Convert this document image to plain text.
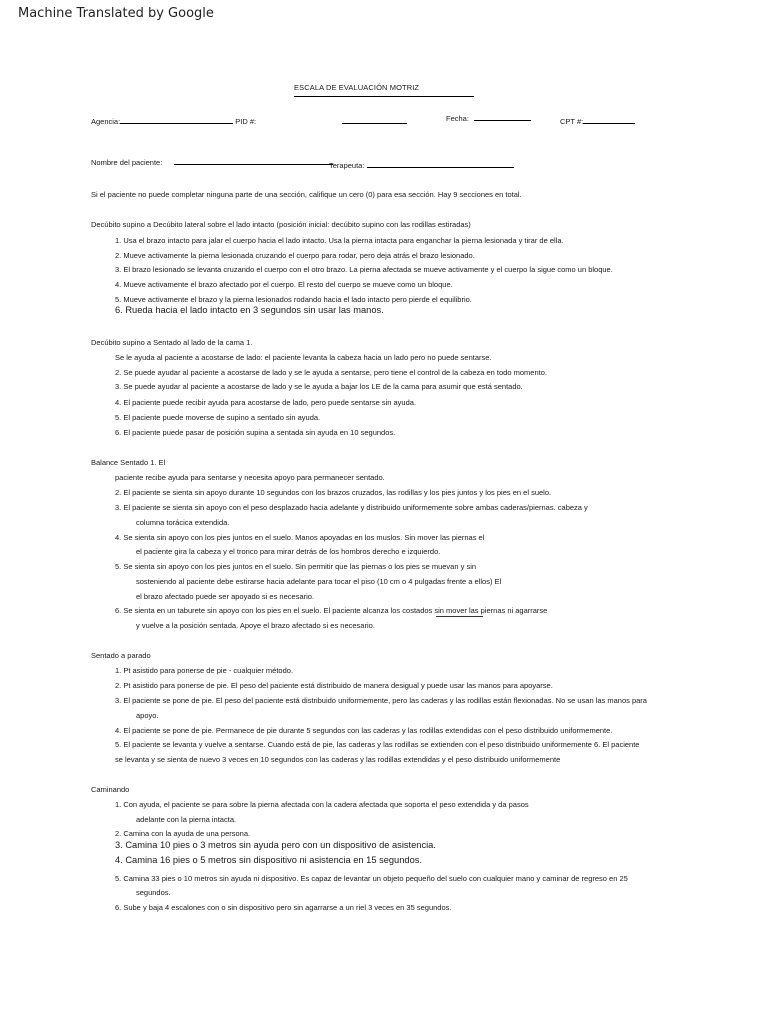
Machine Translated by Google
ESCALA DE EVALUACIÓN MOTRIZ
Agencia:	PID #:	Fecha:	CPT #:
Nombre del paciente:	Terapeuta:
Si el paciente no puede completar ninguna parte de una sección, califique un cero (0) para esa sección. Hay 9 secciones en total.
Decúbito supino a Decúbito lateral sobre el lado intacto (posición inicial: decúbito supino con las rodillas estiradas)
1. Usa el brazo intacto para jalar el cuerpo hacia el lado intacto. Usa la pierna intacta para enganchar la pierna lesionada y tirar de ella.
2. Mueve activamente la pierna lesionada cruzando el cuerpo para rodar, pero deja atrás el brazo lesionado.
3. El brazo lesionado se levanta cruzando el cuerpo con el otro brazo. La pierna afectada se mueve activamente y el cuerpo la sigue como un bloque.
4. Mueve activamente el brazo afectado por el cuerpo. El resto del cuerpo se mueve como un bloque.
5. Mueve activamente el brazo y la pierna lesionados rodando hacia el lado intacto pero pierde el equilibrio.
6. Rueda hacia el lado intacto en 3 segundos sin usar las manos.
Decúbito supino a Sentado al lado de la cama 1.
Se le ayuda al paciente a acostarse de lado: el paciente levanta la cabeza hacia un lado pero no puede sentarse.
2. Se puede ayudar al paciente a acostarse de lado y se le ayuda a sentarse, pero tiene el control de la cabeza en todo momento.
3. Se puede ayudar al paciente a acostarse de lado y se le ayuda a bajar los LE de la cama para asumir que está sentado.
4. El paciente puede recibir ayuda para acostarse de lado, pero puede sentarse sin ayuda.
5. El paciente puede moverse de supino a sentado sin ayuda.
6. El paciente puede pasar de posición supina a sentada sin ayuda en 10 segundos.
Balance Sentado 1. El
paciente recibe ayuda para sentarse y necesita apoyo para permanecer sentado.
2. El paciente se sienta sin apoyo durante 10 segundos con los brazos cruzados, las rodillas y los pies juntos y los pies en el suelo.
3. El paciente se sienta sin apoyo con el peso desplazado hacia adelante y distribuido uniformemente sobre ambas caderas/piernas. cabeza y
columna torácica extendida.
4. Se sienta sin apoyo con los pies juntos en el suelo. Manos apoyadas en los muslos. Sin mover las piernas el
el paciente gira la cabeza y el tronco para mirar detrás de los hombros derecho e izquierdo.
5. Se sienta sin apoyo con los pies juntos en el suelo. Sin permitir que las piernas o los pies se muevan y sin
sosteniendo al paciente debe estirarse hacia adelante para tocar el piso (10 cm o 4 pulgadas frente a ellos) El
el brazo afectado puede ser apoyado si es necesario.
6. Se sienta en un taburete sin apoyo con los pies en el suelo. El paciente alcanza los costados sin mover las piernas ni agarrarse
y vuelve a la posición sentada. Apoye el brazo afectado si es necesario.
Sentado a parado
1. Pt asistido para ponerse de pie - cualquier método.
2. Pt asistido para ponerse de pie. El peso del paciente está distribuido de manera desigual y puede usar las manos para apoyarse.
3. El paciente se pone de pie. El peso del paciente está distribuido uniformemente, pero las caderas y las rodillas están flexionadas. No se usan las manos para
apoyo.
4. El paciente se pone de pie. Permanece de pie durante 5 segundos con las caderas y las rodillas extendidas con el peso distribuido uniformemente.
5. El paciente se levanta y vuelve a sentarse. Cuando está de pie, las caderas y las rodillas se extienden con el peso distribuido uniformemente 6. El paciente
se levanta y se sienta de nuevo 3 veces en 10 segundos con las caderas y las rodillas extendidas y el peso distribuido uniformemente
Caminando
1. Con ayuda, el paciente se para sobre la pierna afectada con la cadera afectada que soporta el peso extendida y da pasos
adelante con la pierna intacta.
2. Camina con la ayuda de una persona.
3. Camina 10 pies o 3 metros sin ayuda pero con un dispositivo de asistencia.
4. Camina 16 pies o 5 metros sin dispositivo ni asistencia en 15 segundos.
5. Camina 33 pies o 10 metros sin ayuda ni dispositivo. Es capaz de levantar un objeto pequeño del suelo con cualquier mano y caminar de regreso en 25
segundos.
6. Sube y baja 4 escalones con o sin dispositivo pero sin agarrarse a un riel 3 veces en 35 segundos.
